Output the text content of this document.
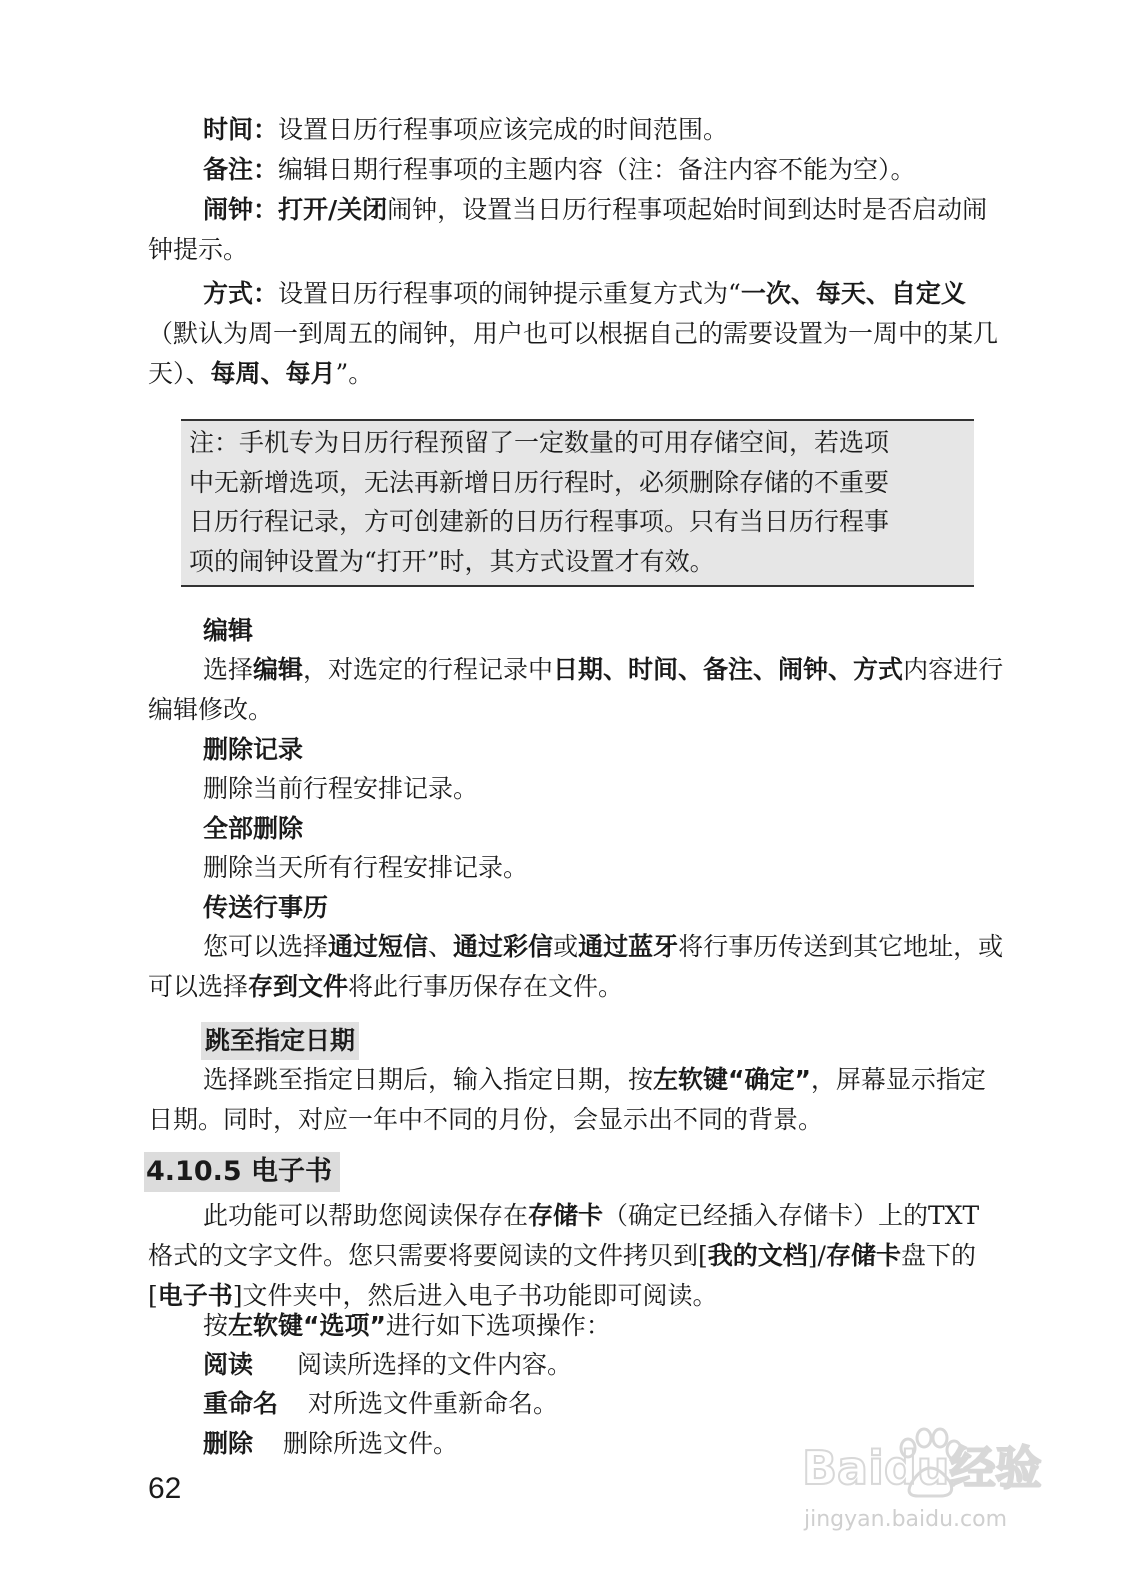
时间：设置日历行程事项应该完成的时间范围。

备注：编辑日期行程事项的主题内容（注：备注内容不能为空）。

闹钟：打开/关闭闹钟，设置当日历行程事项起始时间到达时是否启动闹钟提示。

方式：设置日历行程事项的闹钟提示重复方式为“一次、每天、自定义（默认为周一到周五的闹钟，用户也可以根据自己的需要设置为一周中的某几天）、每周、每月”。

注：手机专为日历行程预留了一定数量的可用存储空间，若选项

中无新增选项，无法再新增日历行程时，必须删除存储的不重要

日历行程记录，方可创建新的日历行程事项。只有当日历行程事

项的闹钟设置为“打开”时，其方式设置才有效。

编辑

选择编辑，对选定的行程记录中日期、时间、备注、闹钟、方式内容进行编辑修改。

删除记录

删除当前行程安排记录。

全部删除

删除当天所有行程安排记录。

传送行事历

您可以选择通过短信、通过彩信或通过蓝牙将行事历传送到其它地址，或可以选择存到文件将此行事历保存在文件。

跳至指定日期

选择跳至指定日期后，输入指定日期，按左软键“确定”，屏幕显示指定日期。同时，对应一年中不同的月份，会显示出不同的背景。

4.10.5 电子书

此功能可以帮助您阅读保存在存储卡（确定已经插入存储卡）上的TXT 格式的文字文件。您只需要将要阅读的文件拷贝到[我的文档]/存储卡盘下的[电子书]文件夹中，然后进入电子书功能即可阅读。

按左软键“选项”进行如下选项操作：

阅读 阅读所选择的文件内容。

重命名 对所选文件重新命名。

删除 删除所选文件。

62	Baidu经验
jingyan.baidu.com
